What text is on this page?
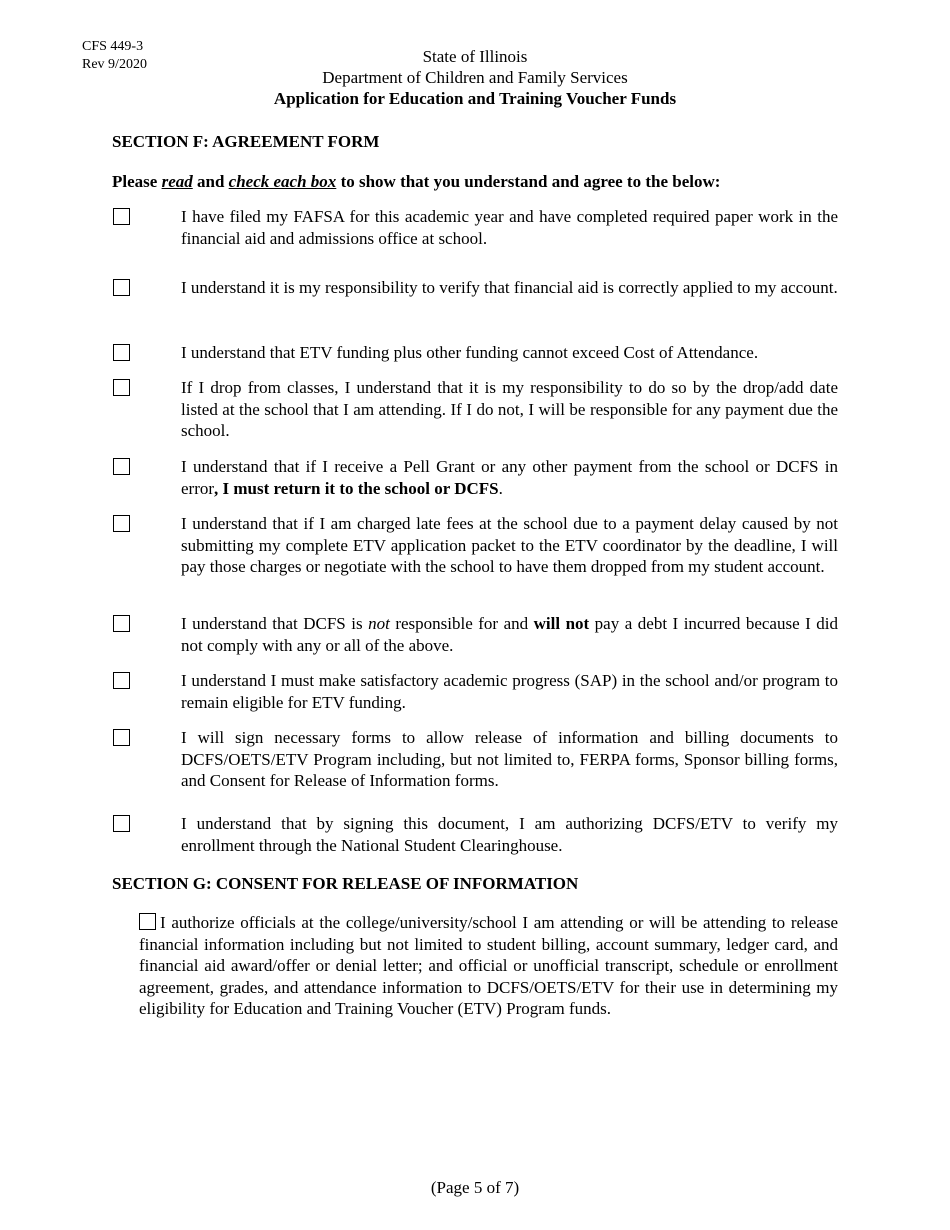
CFS 449-3
Rev 9/2020	State of Illinois
Department of Children and Family Services
Application for Education and Training Voucher Funds
SECTION F: AGREEMENT FORM
Please read and check each box to show that you understand and agree to the below:
I have filed my FAFSA for this academic year and have completed required paper work in the financial aid and admissions office at school.
I understand it is my responsibility to verify that financial aid is correctly applied to my account.
I understand that ETV funding plus other funding cannot exceed Cost of Attendance.
If I drop from classes, I understand that it is my responsibility to do so by the drop/add date listed at the school that I am attending. If I do not, I will be responsible for any payment due the school.
I understand that if I receive a Pell Grant or any other payment from the school or DCFS in error, I must return it to the school or DCFS.
I understand that if I am charged late fees at the school due to a payment delay caused by not submitting my complete ETV application packet to the ETV coordinator by the deadline, I will pay those charges or negotiate with the school to have them dropped from my student account.
I understand that DCFS is not responsible for and will not pay a debt I incurred because I did not comply with any or all of the above.
I understand I must make satisfactory academic progress (SAP) in the school and/or program to remain eligible for ETV funding.
I will sign necessary forms to allow release of information and billing documents to DCFS/OETS/ETV Program including, but not limited to, FERPA forms, Sponsor billing forms, and Consent for Release of Information forms.
I understand that by signing this document, I am authorizing DCFS/ETV to verify my enrollment through the National Student Clearinghouse.
SECTION G: CONSENT FOR RELEASE OF INFORMATION
I authorize officials at the college/university/school I am attending or will be attending to release financial information including but not limited to student billing, account summary, ledger card, and financial aid award/offer or denial letter; and official or unofficial transcript, schedule or enrollment agreement, grades, and attendance information to DCFS/OETS/ETV for their use in determining my eligibility for Education and Training Voucher (ETV) Program funds.
(Page 5 of 7)
